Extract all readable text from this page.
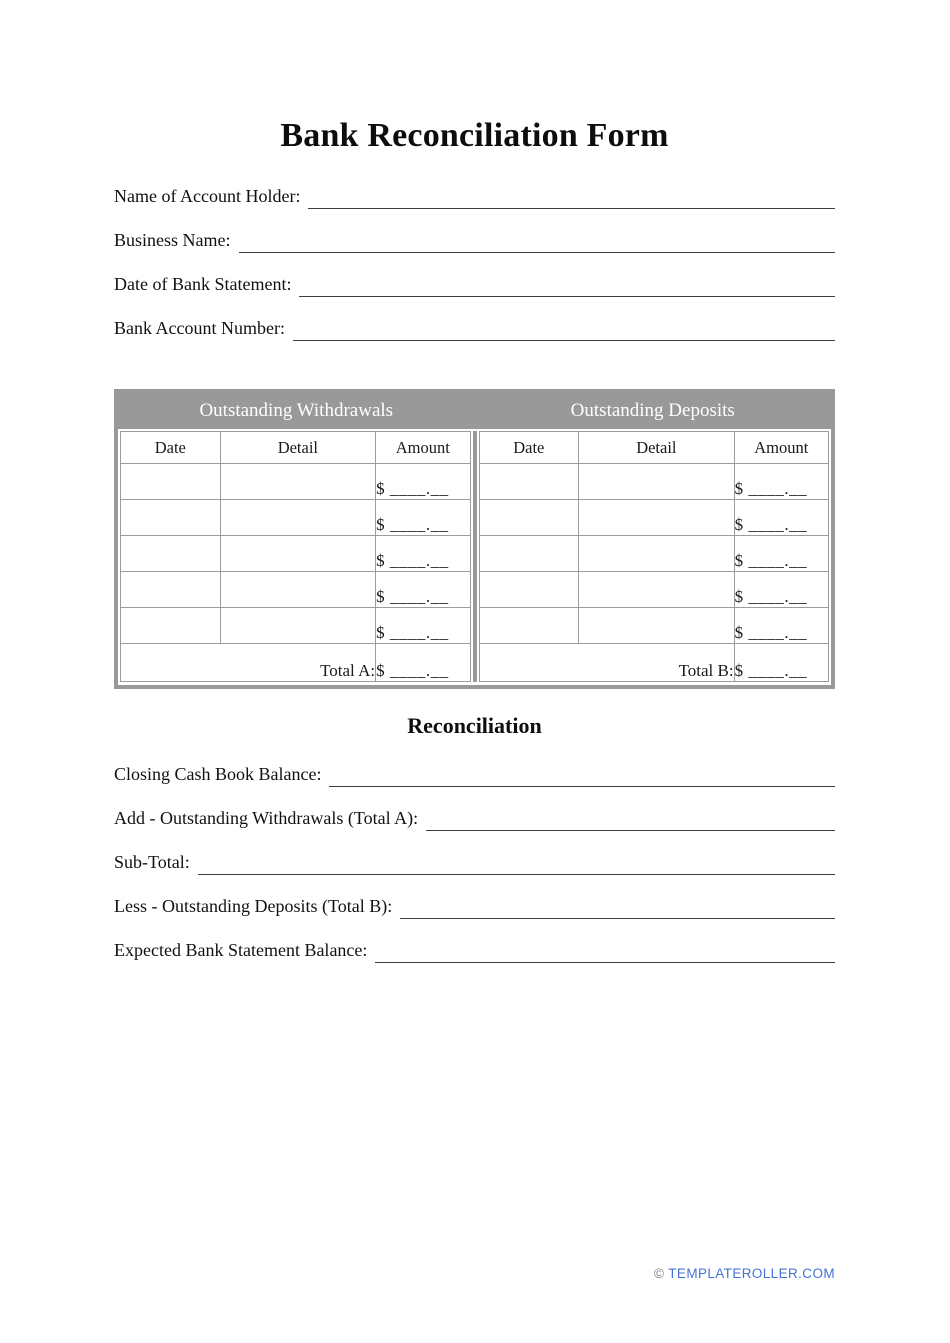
Bank Reconciliation Form
Name of Account Holder:
Business Name:
Date of Bank Statement:
Bank Account Number:
Outstanding Withdrawals	Outstanding Deposits
Date	Detail	Amount
		$ ____.__
		$ ____.__
		$ ____.__
		$ ____.__
		$ ____.__
Total A:		$ ____.__
Date	Detail	Amount
		$ ____.__
		$ ____.__
		$ ____.__
		$ ____.__
		$ ____.__
Total B:		$ ____.__
Reconciliation
Closing Cash Book Balance:
Add - Outstanding Withdrawals (Total A):
Sub-Total:
Less - Outstanding Deposits (Total B):
Expected Bank Statement Balance:
© TEMPLATEROLLER.COM
